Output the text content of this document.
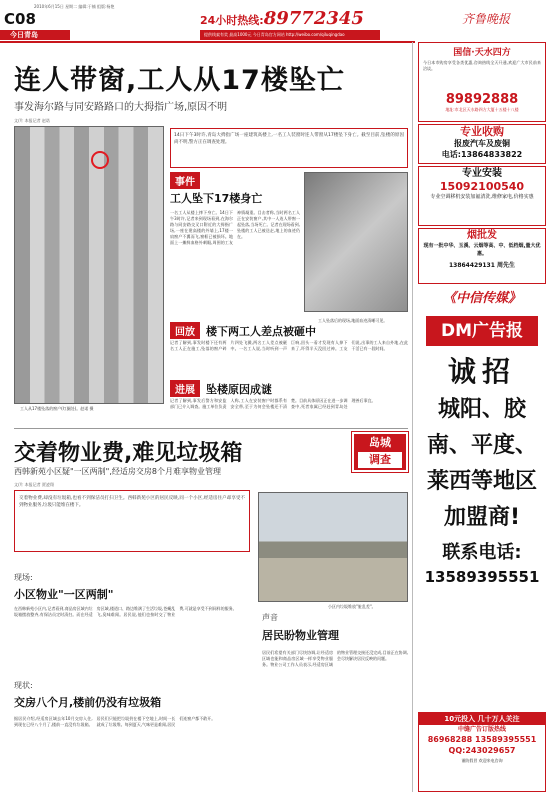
C08
2010年6月15日 星期二 编辑:于楠 组版:杨艳
今日青岛
24小时热线: 89772345	齐鲁晚报
提供线索有奖 最高1000元 今日青岛官方网站 http://weibo.com/qiluqingdao
连人带窗,工人从17楼坠亡
事发海尔路与同安路路口的大拇指广场,原因不明
文/片 本报记者 赵诺
工人从17楼坠落的窗户(红圈处)。赵诺 摄
14日下午3时许,青岛大拇指广场一座建筑高楼上,一名工人装窗时连人带窗从17楼坠下身亡。截至目前,坠楼的原因尚不明,警方正在调查处理。
工人坠落后的现场,地面血迹清晰可见。
事件
工人坠下17楼身亡
一名工人从楼上摔下身亡。14日下午3时许,记者来到现场看到,在海尔路与同安路交叉口附近的大拇指广场,一座在建高楼的外墙上,17楼一扇窗户不翼而飞,窗框已被损坏。地面上一摊鲜血格外刺眼,周围的工友神情凝重。目击者称,当时两名工人正在安装窗户,其中一人连人带窗一起坠落,当场死亡。记者在现场看到,坠楼的工人已被送走,地上的血迹仍在。
回放	楼下两工人差点被砸中
记者了解到,事发时楼下还有两名工人正在施工,坠落的窗户碎片四处飞溅,两名工人差点被砸中。一名工人说,当时听到一声巨响,回头一看才发现有人掉下来了,吓得半天没回过神。工友们说,出事的工人来自外地,在此干活已有一段时间。
进展	坠楼原因成谜
记者了解到,事发后警方和安监部门已介入调查。施工单位负责人称,工人在安装窗户时都系有安全带,至于为何会坠楼还不清楚。目前具体原因正在进一步调查中,死者家属已经赶到青岛处理善后事宜。
交着物业费,难见垃圾箱	岛城
调查
西韩新苑小区疑"一区两制",经适房交房8个月难享物业管理
文/片 本报记者 贾凌翔
交着物业费,却没有垃圾箱,也看不到保洁员打扫卫生。西韩新苑小区的居民反映,同一个小区,经适房住户却享受不到物业服务,垃圾只能堆在楼下。
小区内垃圾堆放"脏乱差"。
现场:
小区物业"一区两制"
在西韩新苑小区内,记者看到,商品房区域内垃圾箱摆放整齐,有保洁员定时清扫。而在经适房区域,楼道口、路边堆满了生活垃圾,苍蝇乱飞,臭味难闻。居民说,他们也按时交了物业费,可就是享受不到同样的服务。
现状:
交房八个月,楼前仍没有垃圾箱
据居民介绍,经适房区域去年10月交房入住,到现在已经八个月了,楼前一直没有垃圾箱。居民们只能把垃圾扔在楼下空地上,时间一长就成了垃圾堆。每到夏天,气味更是难闻,居民们连窗户都不敢开。
声音
居民盼物业管理
居民们希望有关部门尽快协调,让经适房区域也能和商品房区域一样享受物业服务。物业公司工作人员表示,经适房区域的物业管理交接还没完成,目前正在协调,会尽快解决居民反映的问题。
国信·天水四方
今日本市购房享受各类优惠,咨询热线全天开通,欢迎广大市民前来洽谈。
89892888
地址:市北区天水路四方大厦十五楼十八楼
专业收购
报废汽车及废铜
电话:13864833822
专业安装
15092100540
专业空调移机安装加氟清洗,维修家电,价格实惠
烟批发
现有一批中华、玉溪、云烟等高、中、低档烟,量大优惠。
13864429131 周先生
《中信传媒》
DM广告报
诚招
城阳、胶南、平度、莱西等地区加盟商!
联系电话:
13589395551
10元投入 几十万人关注
中缝广告订版热线
86968288 13589395551 QQ:243029657
谨防假冒 欢迎来电咨询
